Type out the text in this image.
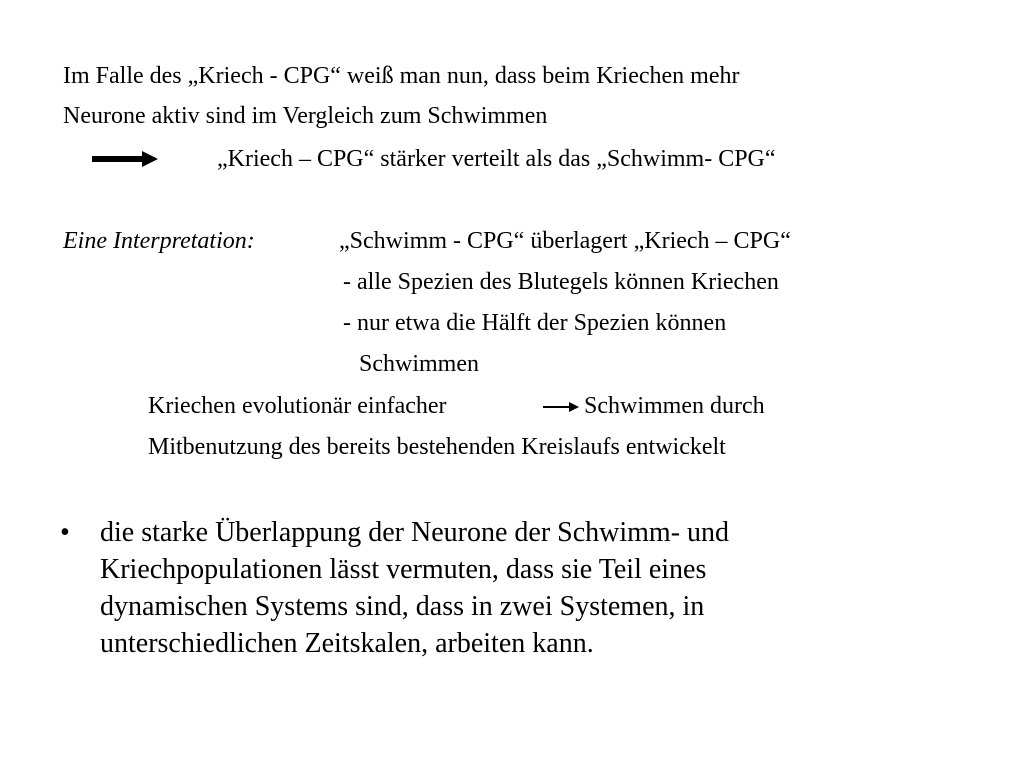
Im Falle des „Kriech - CPG“ weiß man nun, dass beim Kriechen mehr
Neurone aktiv sind im Vergleich zum Schwimmen
„Kriech – CPG“ stärker verteilt als das „Schwimm- CPG“
Eine Interpretation:	„Schwimm - CPG“ überlagert „Kriech – CPG“
- alle Spezien des Blutegels können Kriechen
- nur etwa die Hälft der Spezien können
Schwimmen
Kriechen evolutionär einfacher	Schwimmen durch
Mitbenutzung des bereits bestehenden Kreislaufs entwickelt
• die starke Überlappung der Neurone der Schwimm- und
Kriechpopulationen lässt vermuten, dass sie Teil eines
dynamischen Systems sind, dass in zwei Systemen, in
unterschiedlichen Zeitskalen, arbeiten kann.
